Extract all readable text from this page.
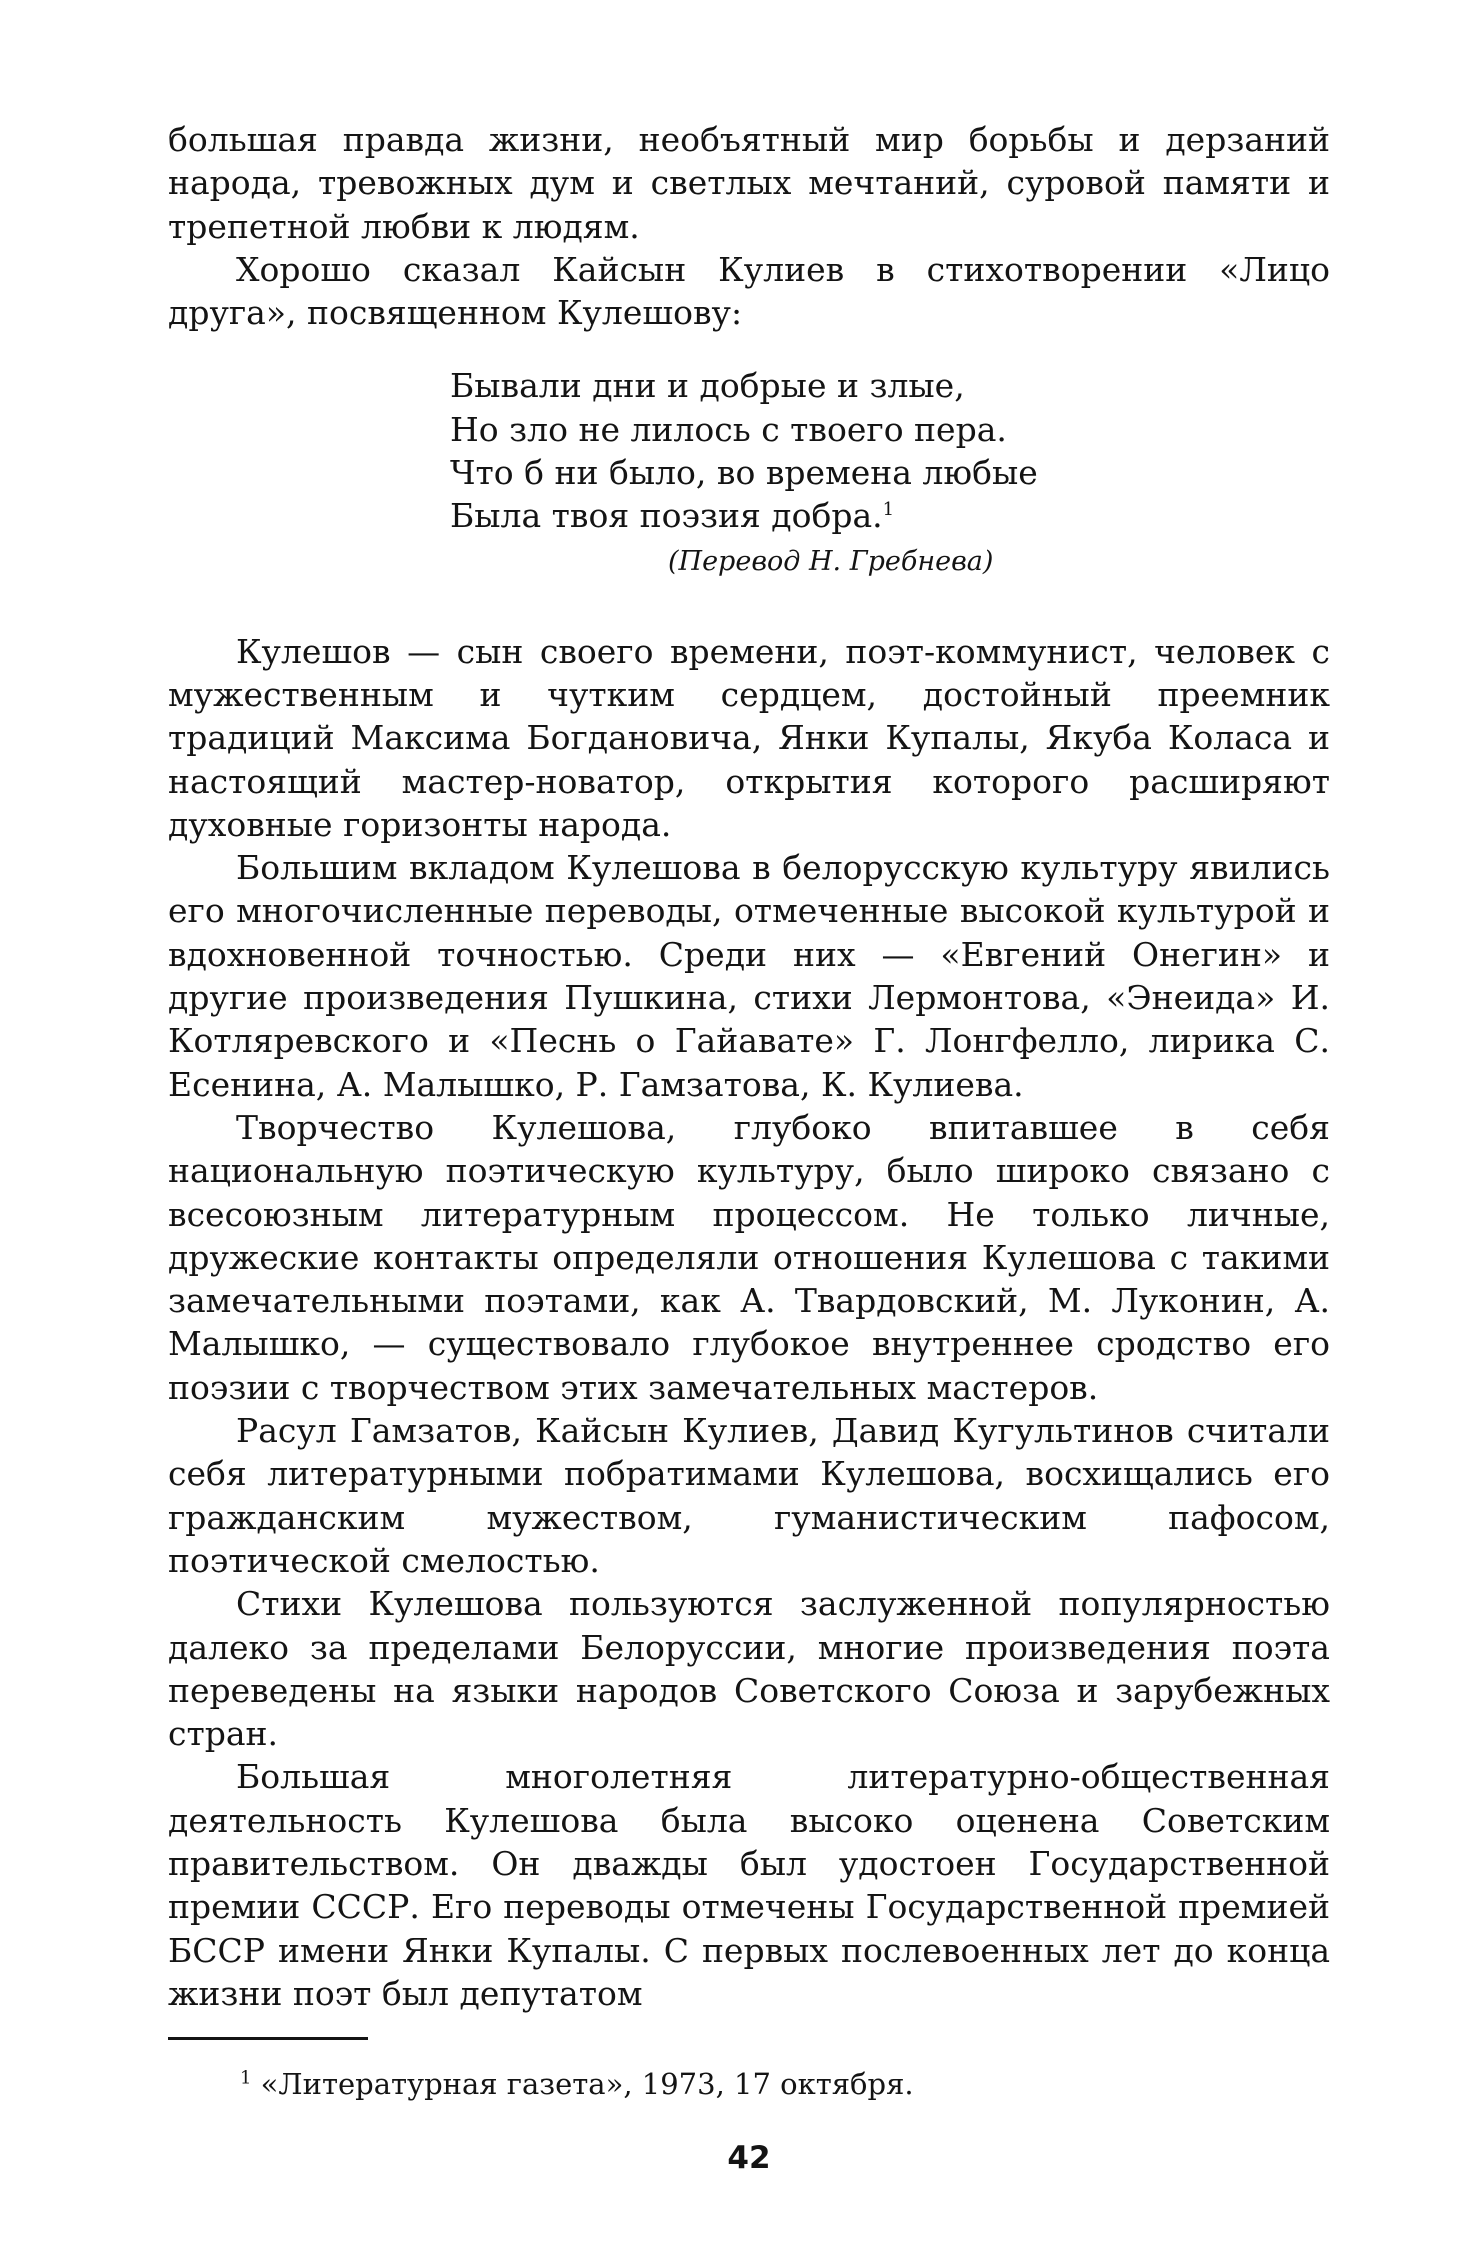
большая правда жизни, необъятный мир борьбы и дерзаний народа, тревожных дум и светлых мечтаний, суровой памяти и трепетной любви к людям.

Хорошо сказал Кайсын Кулиев в стихотворении «Лицо друга», посвященном Кулешову:

Бывали дни и добрые и злые,
Но зло не лилось с твоего пера.
Что б ни было, во времена любые
Была твоя поэзия добра.$^1$
(Перевод Н. Гребнева)

Кулешов — сын своего времени, поэт-коммунист, человек с мужественным и чутким сердцем, достойный преемник традиций Максима Богдановича, Янки Купалы, Якуба Коласа и настоящий мастер-новатор, открытия которого расширяют духовные горизонты народа.

Большим вкладом Кулешова в белорусскую культуру явились его многочисленные переводы, отмеченные высокой культурой и вдохновенной точностью. Среди них — «Евгений Онегин» и другие произведения Пушкина, стихи Лермонтова, «Энеида» И. Котляревского и «Песнь о Гайавате» Г. Лонгфелло, лирика С. Есенина, А. Малышко, Р. Гамзатова, К. Кулиева.

Творчество Кулешова, глубоко впитавшее в себя национальную поэтическую культуру, было широко связано с всесоюзным литературным процессом. Не только личные, дружеские контакты определяли отношения Кулешова с такими замечательными поэтами, как А. Твардовский, М. Луконин, А. Малышко, — существовало глубокое внутреннее сродство его поэзии с творчеством этих замечательных мастеров.

Расул Гамзатов, Кайсын Кулиев, Давид Кугультинов считали себя литературными побратимами Кулешова, восхищались его гражданским мужеством, гуманистическим пафосом, поэтической смелостью.

Стихи Кулешова пользуются заслуженной популярностью далеко за пределами Белоруссии, многие произведения поэта переведены на языки народов Советского Союза и зарубежных стран.

Большая многолетняя литературно-общественная деятельность Кулешова была высоко оценена Советским правительством. Он дважды был удостоен Государственной премии СССР. Его переводы отмечены Государственной премией БССР имени Янки Купалы. С первых послевоенных лет до конца жизни поэт был депутатом

$^1$ «Литературная газета», 1973, 17 октября.
42
